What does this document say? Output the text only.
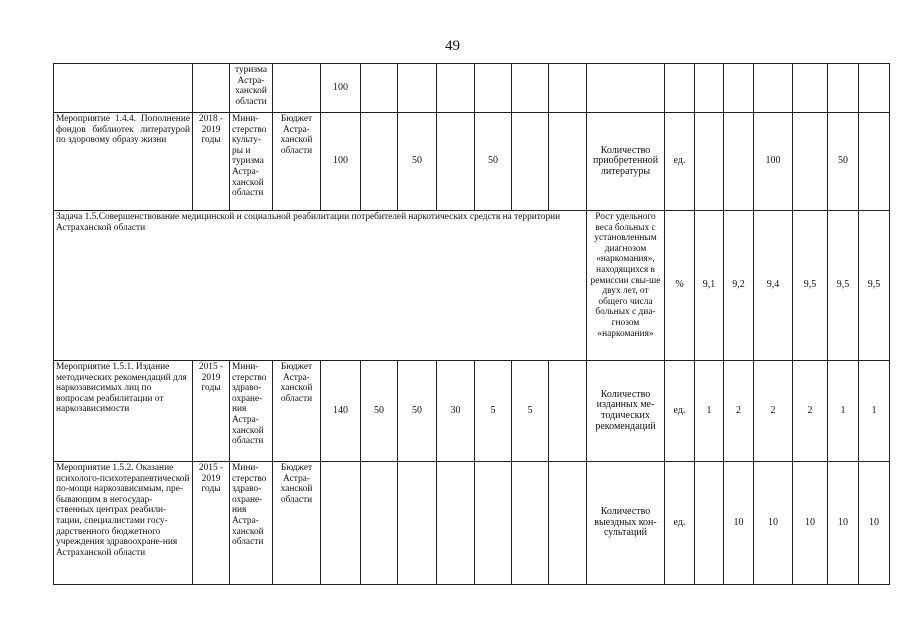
49
		туризма Астра-ханской области		100														
Мероприятие 1.4.4. Пополнение фондов библиотек литературой по здоровому образу жизни	2018 - 2019 годы	Мини-стерство культу-ры и туризма Астра-ханской области	Бюджет Астра-ханской области	100		50		50			Количество приобретенной литературы	ед.			100		50	
Задача 1.5.Совершенствование медицинской и социальной реабилитации потребителей наркотических средств на территории Астраханской области											Рост удельного веса больных с установленным диагнозом «наркомания», находящихся в ремиссии свы-ше двух лет, от общего числа больных с диа-гнозом «наркомания»	%	9,1	9,2	9,4	9,5	9,5	9,5
Мероприятие 1.5.1. Издание методических рекомендаций для наркозависимых лиц по вопросам реабилитации от наркозависимости	2015 - 2019 годы	Мини-стерство здраво-охране-ния Астра-ханской области	Бюджет Астра-ханской области	140	50	50	30	5	5		Количество изданных ме-тодических рекомендаций	ед.	1	2	2	2	1	1
Мероприятие 1.5.2. Оказание психолого-психотерапевтической по-мощи наркозависимым, пре-бывающим в негосудар-ственных центрах реабили-тации, специалистами госу-дарственного бюджетного учреждения здравоохране-ния Астраханской области	2015 - 2019 годы	Мини-стерство здраво-охране-ния Астра-ханской области	Бюджет Астра-ханской области								Количество выездных кон-сультаций	ед.		10	10	10	10	10
